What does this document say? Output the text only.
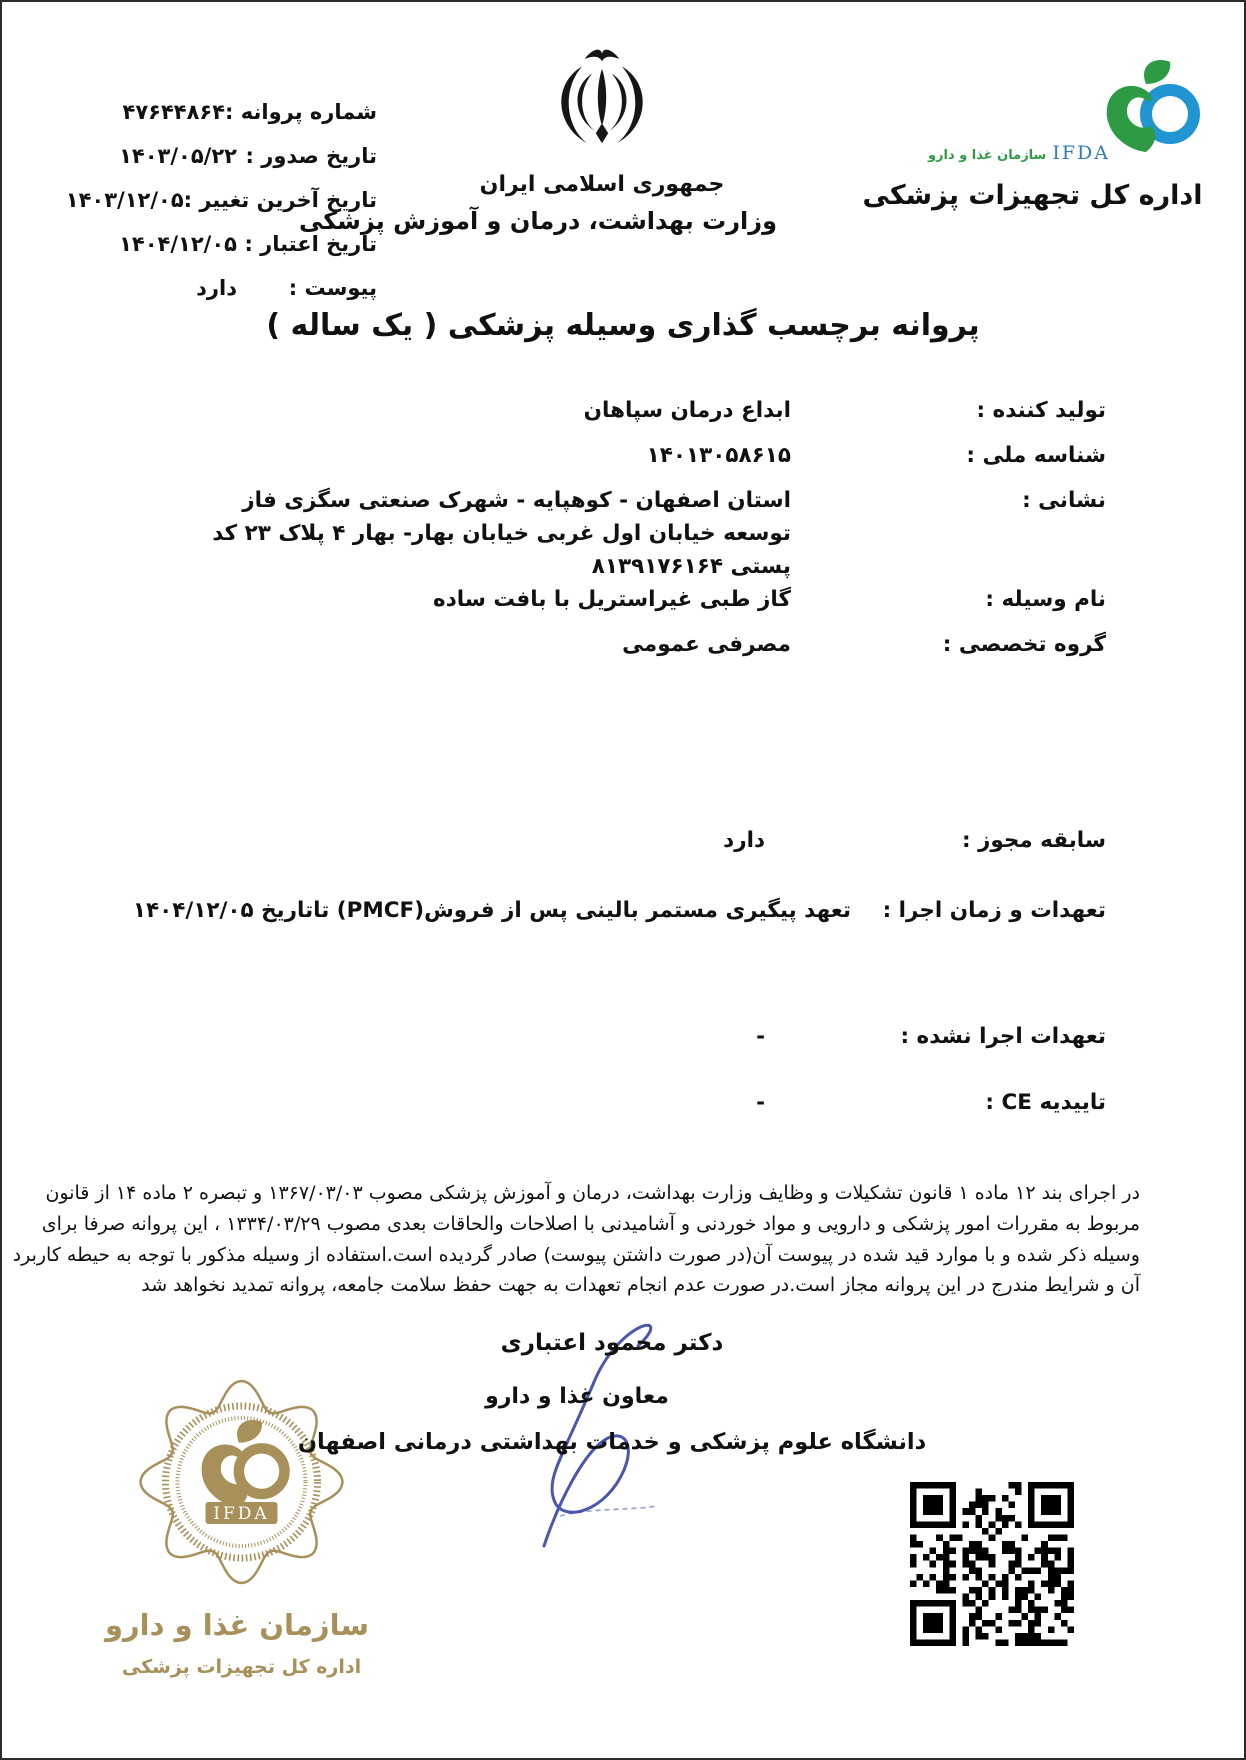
شماره پروانه :
۴۷۶۴۴۸۶۴
تاریخ صدور :
۱۴۰۳/۰۵/۲۲
تاریخ آخرین تغییر :
۱۴۰۳/۱۲/۰۵
تاریخ اعتبار :
۱۴۰۴/۱۲/۰۵
پیوست :
دارد
جمهوری اسلامی ایران
وزارت بهداشت، درمان و آموزش پزشکی
IFDA
سازمان غذا و دارو
اداره کل تجهیزات پزشکی
پروانه برچسب گذاری وسیله پزشکی ( یک ساله )
تولید کننده :
ابداع درمان سپاهان
شناسه ملی :
۱۴۰۱۳۰۵۸۶۱۵
نشانی :
استان اصفهان - کوهپایه - شهرک صنعتی سگزی فاز توسعه خیابان اول غربی خیابان بهار- بهار ۴ پلاک ۲۳ کد پستی ۸۱۳۹۱۷۶۱۶۴
نام وسیله :
گاز طبی غیراستریل با بافت ساده
گروه تخصصی :
مصرفی عمومی
سابقه مجوز :
دارد
تعهدات و زمان اجرا :
تعهد پیگیری مستمر بالینی پس از فروش(PMCF) تاتاریخ ۱۴۰۴/۱۲/۰۵
تعهدات اجرا نشده :
-
تاییدیه CE :
-
در اجرای بند ۱۲ ماده ۱ قانون تشکیلات و وظایف وزارت بهداشت، درمان و آموزش پزشکی مصوب ۱۳۶۷/۰۳/۰۳ و تبصره ۲ ماده ۱۴ از قانون
مربوط به مقررات امور پزشکی و دارویی و مواد خوردنی و آشامیدنی با اصلاحات والحاقات بعدی مصوب ۱۳۳۴/۰۳/۲۹ ، این پروانه صرفا برای
وسیله ذکر شده و با موارد قید شده در پیوست آن(در صورت داشتن پیوست) صادر گردیده است.استفاده از وسیله مذکور با توجه به حیطه کاربرد
آن و شرایط مندرج در این پروانه مجاز است.در صورت عدم انجام تعهدات به جهت حفظ سلامت جامعه، پروانه تمدید نخواهد شد
IFDA
سازمان غذا و دارو
اداره کل تجهیزات پزشکی
دکتر محمود اعتباری
معاون غذا و دارو
دانشگاه علوم پزشکی و خدمات بهداشتی درمانی اصفهان
